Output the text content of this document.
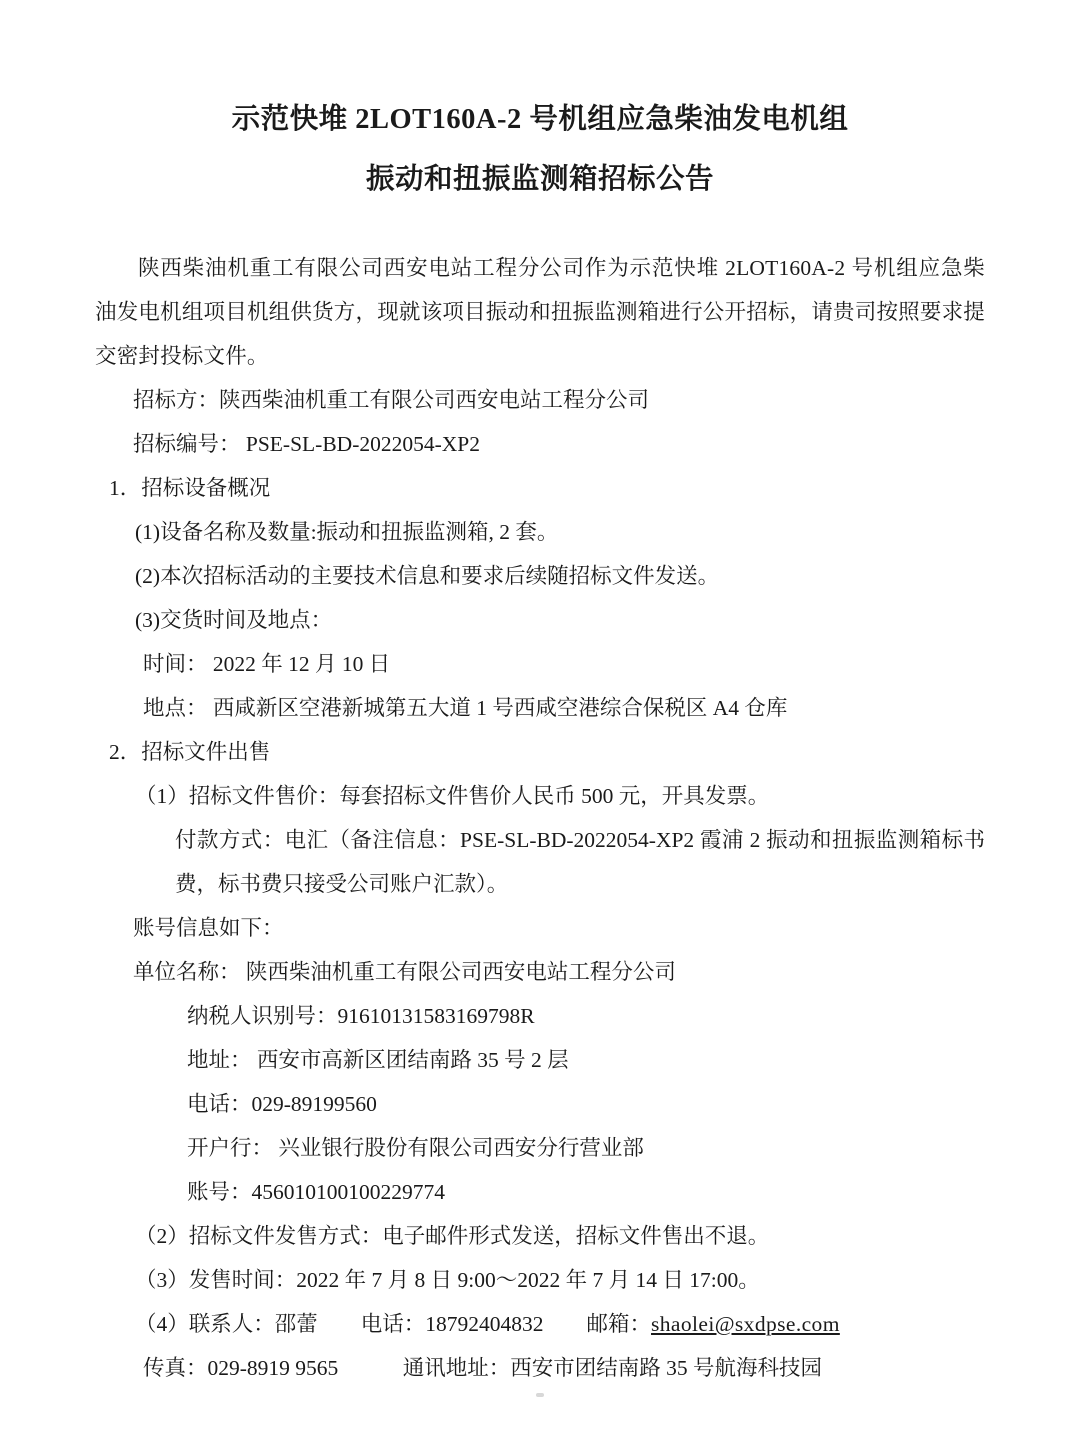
示范快堆 2LOT160A-2 号机组应急柴油发电机组
振动和扭振监测箱招标公告

陕西柴油机重工有限公司西安电站工程分公司作为示范快堆 2LOT160A-2 号机组应急柴油发电机组项目机组供货方，现就该项目振动和扭振监测箱进行公开招标，请贵司按照要求提交密封投标文件。

招标方：陕西柴油机重工有限公司西安电站工程分公司

招标编号： PSE-SL-BD-2022054-XP2

1．招标设备概况

(1)设备名称及数量:振动和扭振监测箱, 2 套。

(2)本次招标活动的主要技术信息和要求后续随招标文件发送。

(3)交货时间及地点：

时间： 2022 年 12 月 10 日

地点： 西咸新区空港新城第五大道 1 号西咸空港综合保税区 A4 仓库

2．招标文件出售

（1）招标文件售价：每套招标文件售价人民币 500 元，开具发票。

付款方式：电汇（备注信息：PSE-SL-BD-2022054-XP2 霞浦 2 振动和扭振监测箱标书费，标书费只接受公司账户汇款）。

账号信息如下：

单位名称： 陕西柴油机重工有限公司西安电站工程分公司

纳税人识别号：91610131583169798R

地址： 西安市高新区团结南路 35 号 2 层

电话：029-89199560

开户行： 兴业银行股份有限公司西安分行营业部

账号：456010100100229774

（2）招标文件发售方式：电子邮件形式发送，招标文件售出不退。

（3）发售时间：2022 年 7 月 8 日 9:00～2022 年 7 月 14 日 17:00。

（4）联系人：邵蕾　　电话：18792404832　　邮箱：shaolei@sxdpse.com

传真：029-8919 9565　　　通讯地址：西安市团结南路 35 号航海科技园
